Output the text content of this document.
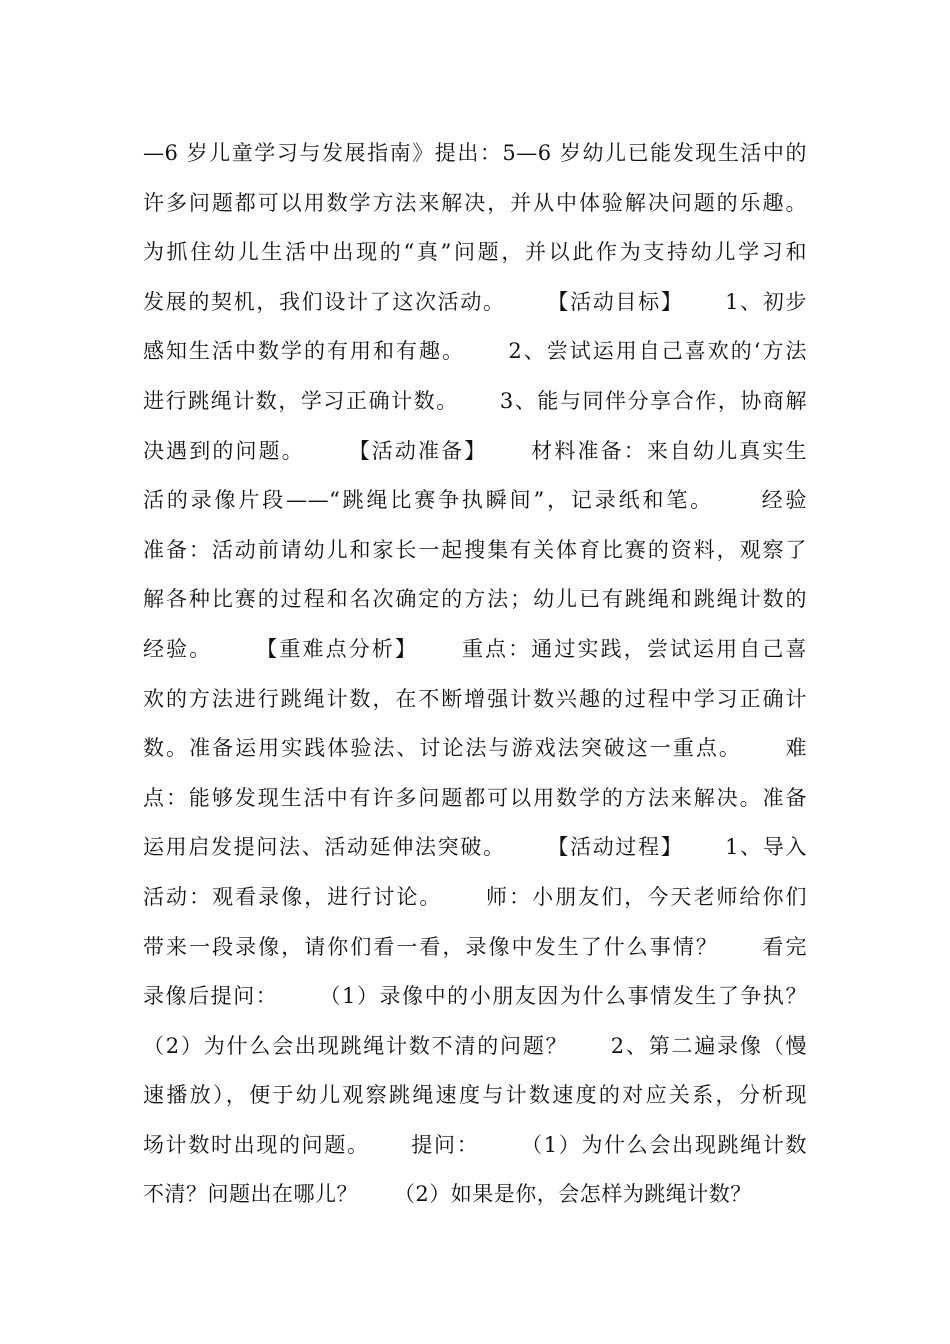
—6 岁儿童学习与发展指南》提出：5—6 岁幼儿已能发现生活中的
许多问题都可以用数学方法来解决，并从中体验解决问题的乐趣。
为抓住幼儿生活中出现的“真”问题，并以此作为支持幼儿学习和
发展的契机，我们设计了这次活动。     【活动目标】     1、初步
感知生活中数学的有用和有趣。     2、尝试运用自己喜欢的‘方法
进行跳绳计数，学习正确计数。     3、能与同伴分享合作，协商解
决遇到的问题。     【活动准备】     材料准备：来自幼儿真实生
活的录像片段——“跳绳比赛争执瞬间”，记录纸和笔。     经验
准备：活动前请幼儿和家长一起搜集有关体育比赛的资料，观察了
解各种比赛的过程和名次确定的方法；幼儿已有跳绳和跳绳计数的
经验。     【重难点分析】     重点：通过实践，尝试运用自己喜
欢的方法进行跳绳计数，在不断增强计数兴趣的过程中学习正确计
数。准备运用实践体验法、讨论法与游戏法突破这一重点。     难
点：能够发现生活中有许多问题都可以用数学的方法来解决。准备
运用启发提问法、活动延伸法突破。     【活动过程】     1、导入
活动：观看录像，进行讨论。     师：小朋友们，今天老师给你们
带来一段录像，请你们看一看，录像中发生了什么事情？     看完
录像后提问：     （1）录像中的小朋友因为什么事情发生了争执？
（2）为什么会出现跳绳计数不清的问题？     2、第二遍录像（慢
速播放），便于幼儿观察跳绳速度与计数速度的对应关系，分析现
场计数时出现的问题。     提问：     （1）为什么会出现跳绳计数
不清？问题出在哪儿？     （2）如果是你，会怎样为跳绳计数？
